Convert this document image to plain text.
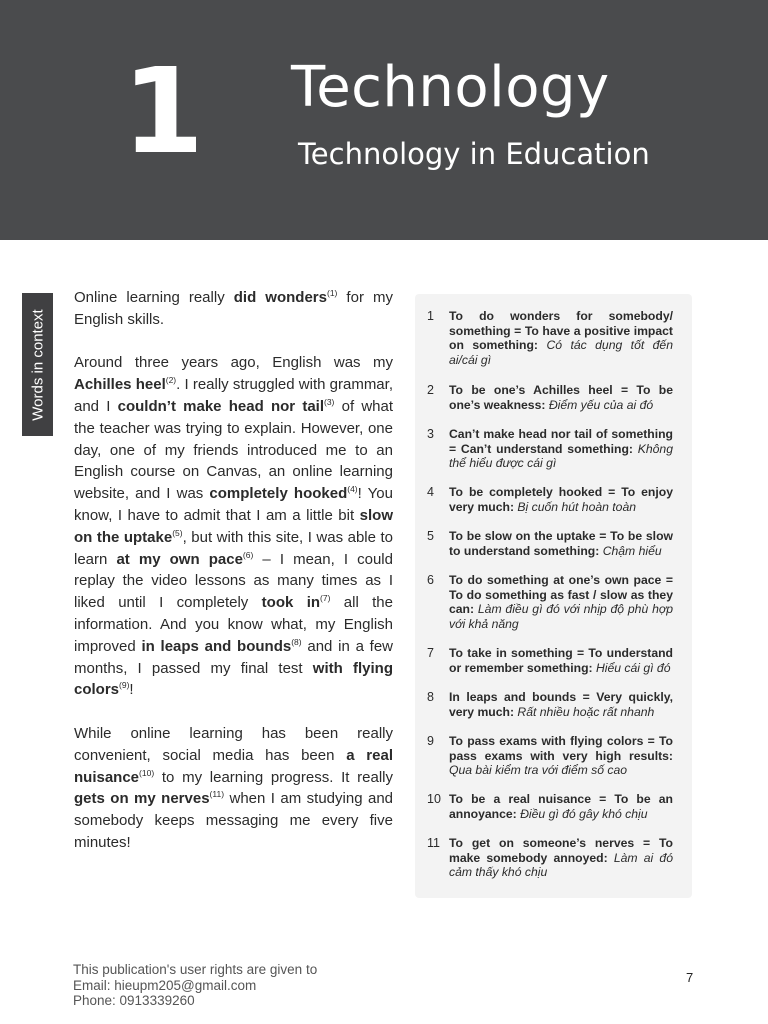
1 Technology
Technology in Education
Words in context

Online learning really did wonders$^{(1)}$ for my English skills.

Around three years ago, English was my Achilles heel$^{(2)}$. I really struggled with grammar, and I couldn’t make head nor tail$^{(3)}$ of what the teacher was trying to explain. However, one day, one of my friends introduced me to an English course on Canvas, an online learning website, and I was completely hooked$^{(4)}$! You know, I have to admit that I am a little bit slow on the uptake$^{(5)}$, but with this site, I was able to learn at my own pace$^{(6)}$ – I mean, I could replay the video lessons as many times as I liked until I completely took $in^{(7)}$ all the information. And you know what, my English improved in leaps and bounds$^{(8)}$ and in a few months, I passed my final test with flying colors$^{(9)}$!

While online learning has been really convenient, social media has been a real nuisance$^{(10)}$ to my learning progress. It really gets on my nerves$^{(11)}$ when I am studying and somebody keeps messaging me every five minutes!

1 To do wonders for somebody/ something = To have a positive impact on something: Có tác dụng tốt đến ai/cái gì
2 To be one’s Achilles heel = To be one’s weakness: Điểm yếu của ai đó
3 Can’t make head nor tail of something = Can’t understand something: Không thể hiểu được cái gì
4 To be completely hooked = To enjoy very much: Bị cuốn hút hoàn toàn
5 To be slow on the uptake = To be slow to understand something: Chậm hiểu
6 To do something at one’s own pace = To do something as fast / slow as they can: Làm điều gì đó với nhịp độ phù hợp với khả năng
7 To take in something = To understand or remember something: Hiểu cái gì đó
8 In leaps and bounds = Very quickly, very much: Rất nhiều hoặc rất nhanh
9 To pass exams with flying colors = To pass exams with very high results: Qua bài kiểm tra với điểm số cao
10 To be a real nuisance = To be an annoyance: Điều gì đó gây khó chịu
11 To get on someone’s nerves = To make somebody annoyed: Làm ai đó cảm thấy khó chịu
This publication's user rights are given to
Email: hieupm205@gmail.com
Phone: 0913339260
7
